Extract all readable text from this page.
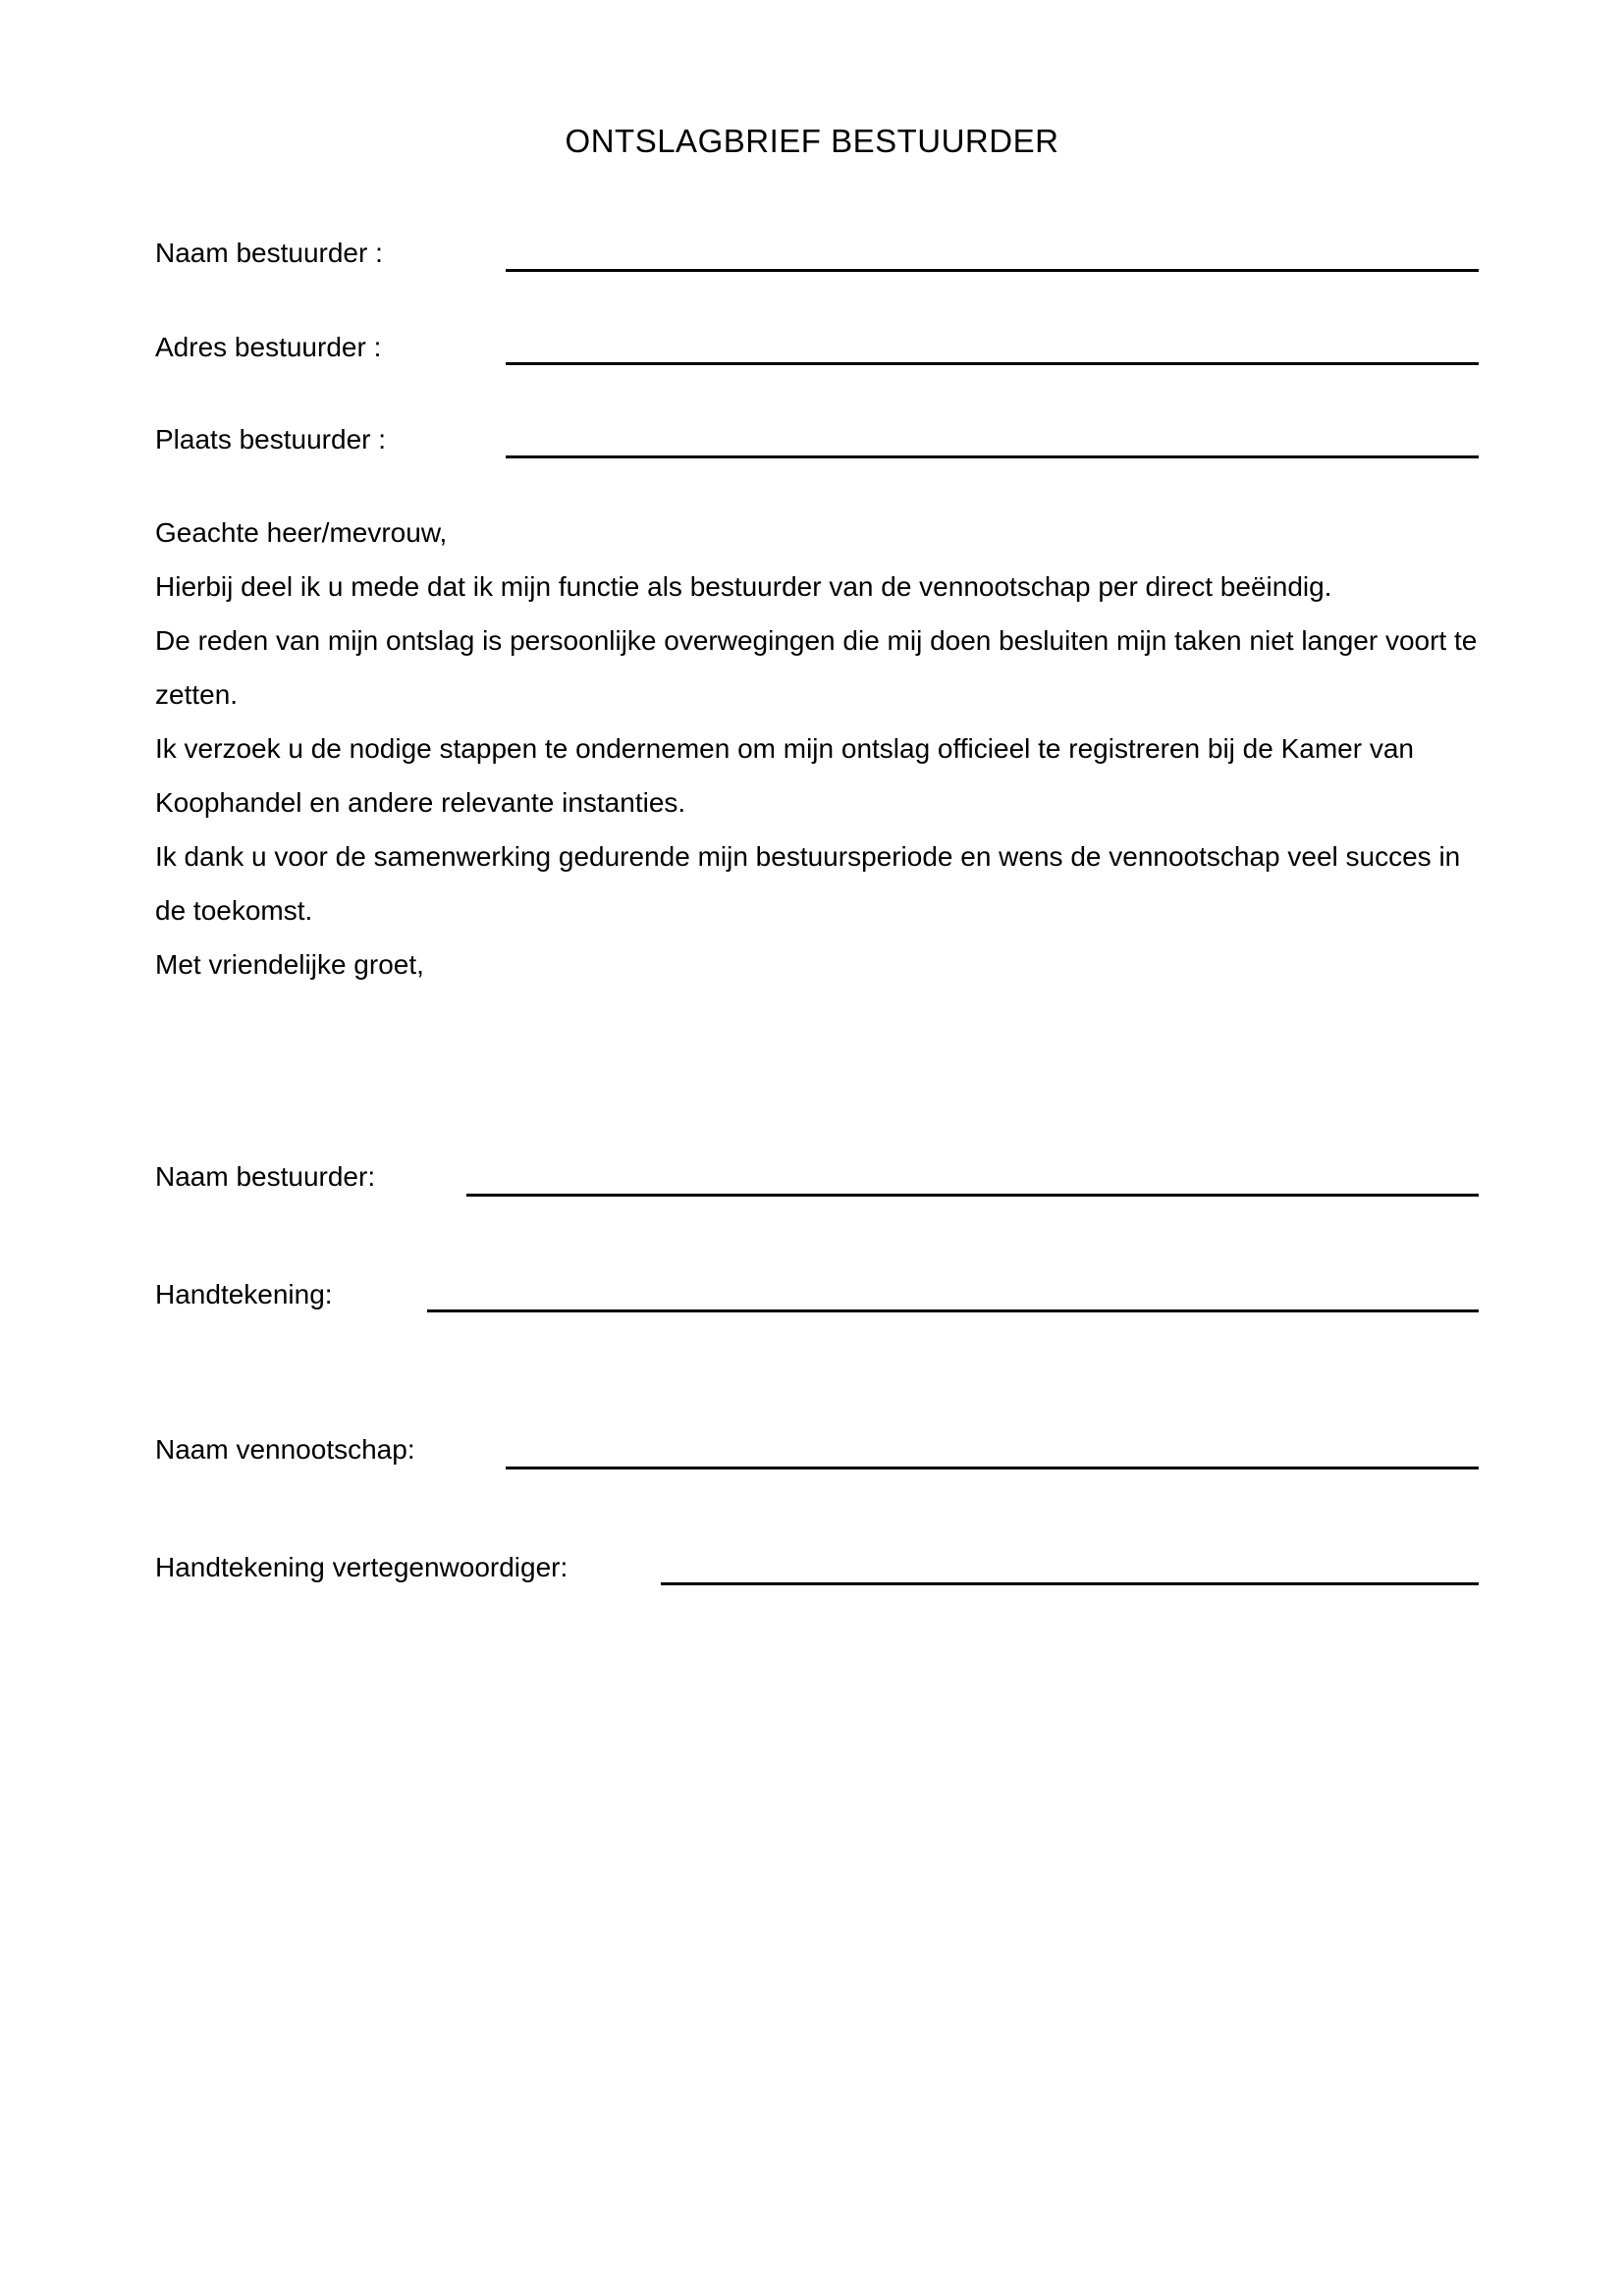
ONTSLAGBRIEF BESTUURDER
Naam bestuurder :
Adres bestuurder :
Plaats bestuurder :

Geachte heer/mevrouw,

Hierbij deel ik u mede dat ik mijn functie als bestuurder van de vennootschap per direct beëindig.

De reden van mijn ontslag is persoonlijke overwegingen die mij doen besluiten mijn taken niet langer voort te zetten.

Ik verzoek u de nodige stappen te ondernemen om mijn ontslag officieel te registreren bij de Kamer van Koophandel en andere relevante instanties.

Ik dank u voor de samenwerking gedurende mijn bestuursperiode en wens de vennootschap veel succes in de toekomst.

Met vriendelijke groet,

Naam bestuurder:
Handtekening:
Naam vennootschap:
Handtekening vertegenwoordiger:
